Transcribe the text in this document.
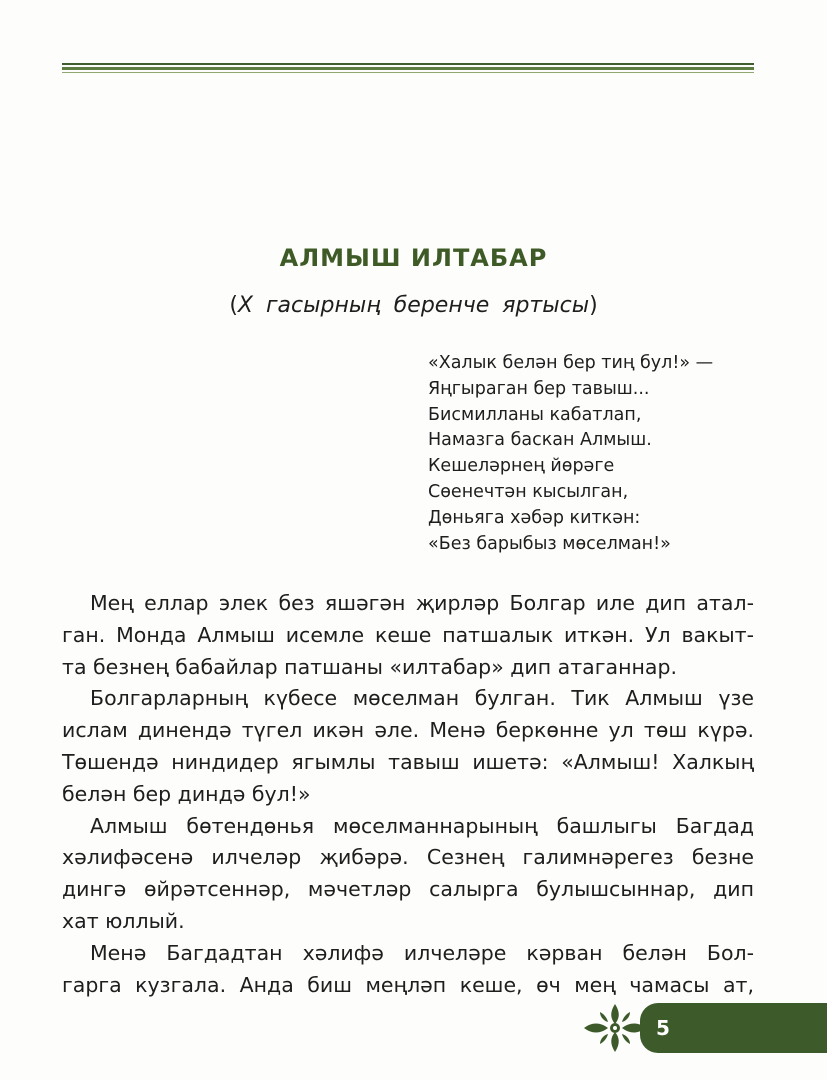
АЛМЫШ ИЛТАБАР

(X гасырның беренче яртысы)

«Халык белән бер тиң бул!» —
Яңгыраган бер тавыш...
Бисмилланы кабатлап,
Намазга баскан Алмыш.
Кешеләрнең йөрәге
Сөенечтән кысылган,
Дөньяга хәбәр киткән:
«Без барыбыз мөселман!»
Мең еллар элек без яшәгән җирләр Болгар иле дип атал-
ган. Монда Алмыш исемле кеше патшалык иткән. Ул вакыт-
та безнең бабайлар патшаны «илтабар» дип атаганнар.
Болгарларның күбесе мөселман булган. Тик Алмыш үзе
ислам динендә түгел икән әле. Менә беркөнне ул төш күрә.
Төшендә ниндидер ягымлы тавыш ишетә: «Алмыш! Халкың
белән бер диндә бул!»
Алмыш бөтендөнья мөселманнарының башлыгы Багдад
хәлифәсенә илчеләр җибәрә. Сезнең галимнәрегез безне
дингә өйрәтсеннәр, мәчетләр салырга булышсыннар, дип
хат юллый.
Менә Багдадтан хәлифә илчеләре кәрван белән Бол-
гарга кузгала. Анда биш меңләп кеше, өч мең чамасы ат,
5
